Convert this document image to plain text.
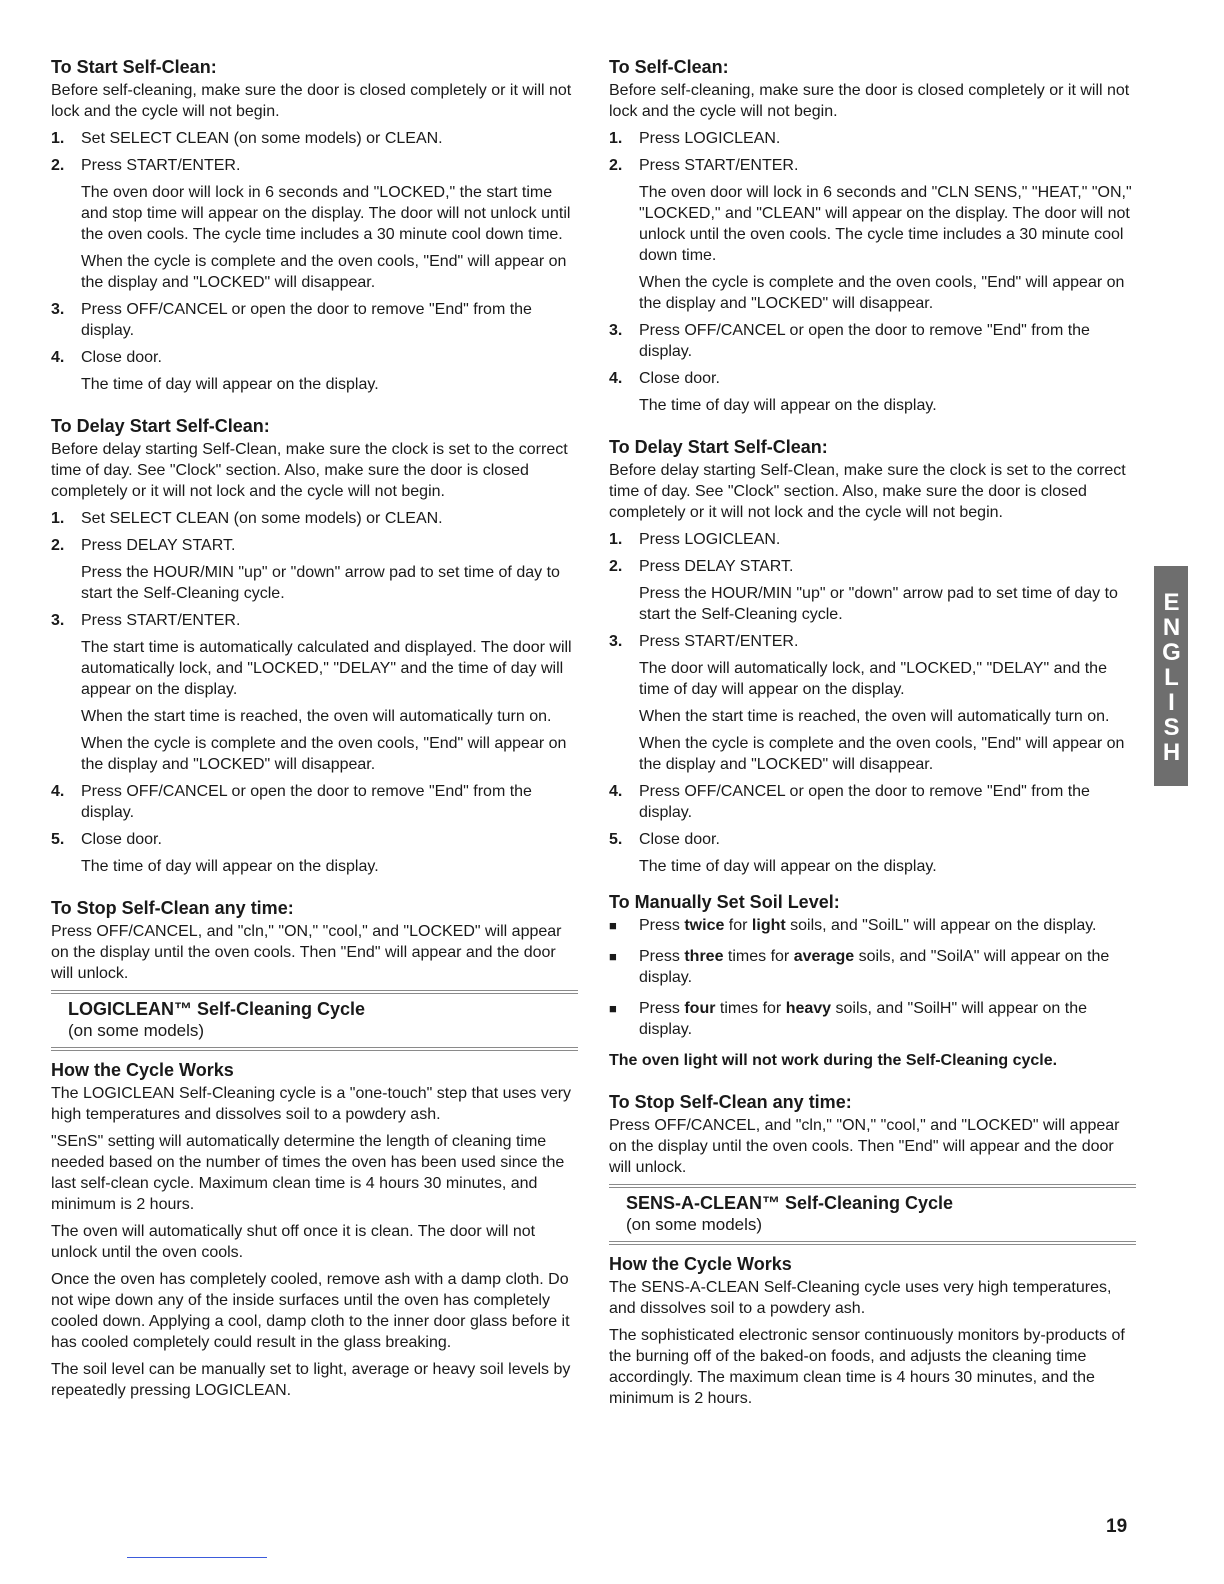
To Start Self-Clean:
Before self-cleaning, make sure the door is closed completely or it will not lock and the cycle will not begin.
1.	Set SELECT CLEAN (on some models) or CLEAN.
2.	Press START/ENTER.
The oven door will lock in 6 seconds and "LOCKED," the start time and stop time will appear on the display. The door will not unlock until the oven cools. The cycle time includes a 30 minute cool down time.
When the cycle is complete and the oven cools, "End" will appear on the display and "LOCKED" will disappear.
3.	Press OFF/CANCEL or open the door to remove "End" from the display.
4.	Close door.
The time of day will appear on the display.
To Delay Start Self-Clean:
Before delay starting Self-Clean, make sure the clock is set to the correct time of day. See "Clock" section. Also, make sure the door is closed completely or it will not lock and the cycle will not begin.
1.	Set SELECT CLEAN (on some models) or CLEAN.
2.	Press DELAY START.
Press the HOUR/MIN "up" or "down" arrow pad to set time of day to start the Self-Cleaning cycle.
3.	Press START/ENTER.
The start time is automatically calculated and displayed. The door will automatically lock, and "LOCKED," "DELAY" and the time of day will appear on the display.
When the start time is reached, the oven will automatically turn on.
When the cycle is complete and the oven cools, "End" will appear on the display and "LOCKED" will disappear.
4.	Press OFF/CANCEL or open the door to remove "End" from the display.
5.	Close door.
The time of day will appear on the display.
To Stop Self-Clean any time:
Press OFF/CANCEL, and "cln," "ON," "cool," and "LOCKED" will appear on the display until the oven cools. Then "End" will appear and the door will unlock.
LOGICLEAN™ Self-Cleaning Cycle
(on some models)
How the Cycle Works
The LOGICLEAN Self-Cleaning cycle is a "one-touch" step that uses very high temperatures and dissolves soil to a powdery ash.
"SEnS" setting will automatically determine the length of cleaning time needed based on the number of times the oven has been used since the last self-clean cycle. Maximum clean time is 4 hours 30 minutes, and minimum is 2 hours.
The oven will automatically shut off once it is clean. The door will not unlock until the oven cools.
Once the oven has completely cooled, remove ash with a damp cloth. Do not wipe down any of the inside surfaces until the oven has completely cooled down. Applying a cool, damp cloth to the inner door glass before it has cooled completely could result in the glass breaking.
The soil level can be manually set to light, average or heavy soil levels by repeatedly pressing LOGICLEAN.
To Self-Clean:
Before self-cleaning, make sure the door is closed completely or it will not lock and the cycle will not begin.
1.	Press LOGICLEAN.
2.	Press START/ENTER.
The oven door will lock in 6 seconds and "CLN SENS," "HEAT," "ON," "LOCKED," and "CLEAN" will appear on the display. The door will not unlock until the oven cools. The cycle time includes a 30 minute cool down time.
When the cycle is complete and the oven cools, "End" will appear on the display and "LOCKED" will disappear.
3.	Press OFF/CANCEL or open the door to remove "End" from the display.
4.	Close door.
The time of day will appear on the display.
To Delay Start Self-Clean:
Before delay starting Self-Clean, make sure the clock is set to the correct time of day. See "Clock" section. Also, make sure the door is closed completely or it will not lock and the cycle will not begin.
1.	Press LOGICLEAN.
2.	Press DELAY START.
Press the HOUR/MIN "up" or "down" arrow pad to set time of day to start the Self-Cleaning cycle.
3.	Press START/ENTER.
The door will automatically lock, and "LOCKED," "DELAY" and the time of day will appear on the display.
When the start time is reached, the oven will automatically turn on.
When the cycle is complete and the oven cools, "End" will appear on the display and "LOCKED" will disappear.
4.	Press OFF/CANCEL or open the door to remove "End" from the display.
5.	Close door.
The time of day will appear on the display.
To Manually Set Soil Level:
■	Press twice for light soils, and "SoilL" will appear on the display.
■	Press three times for average soils, and "SoilA" will appear on the display.
■	Press four times for heavy soils, and "SoilH" will appear on the display.
The oven light will not work during the Self-Cleaning cycle.
To Stop Self-Clean any time:
Press OFF/CANCEL, and "cln," "ON," "cool," and "LOCKED" will appear on the display until the oven cools. Then "End" will appear and the door will unlock.
SENS-A-CLEAN™ Self-Cleaning Cycle
(on some models)
How the Cycle Works
The SENS-A-CLEAN Self-Cleaning cycle uses very high temperatures, and dissolves soil to a powdery ash.
The sophisticated electronic sensor continuously monitors by-products of the burning off of the baked-on foods, and adjusts the cleaning time accordingly. The maximum clean time is 4 hours 30 minutes, and the minimum is 2 hours.
ENGLISH
19
